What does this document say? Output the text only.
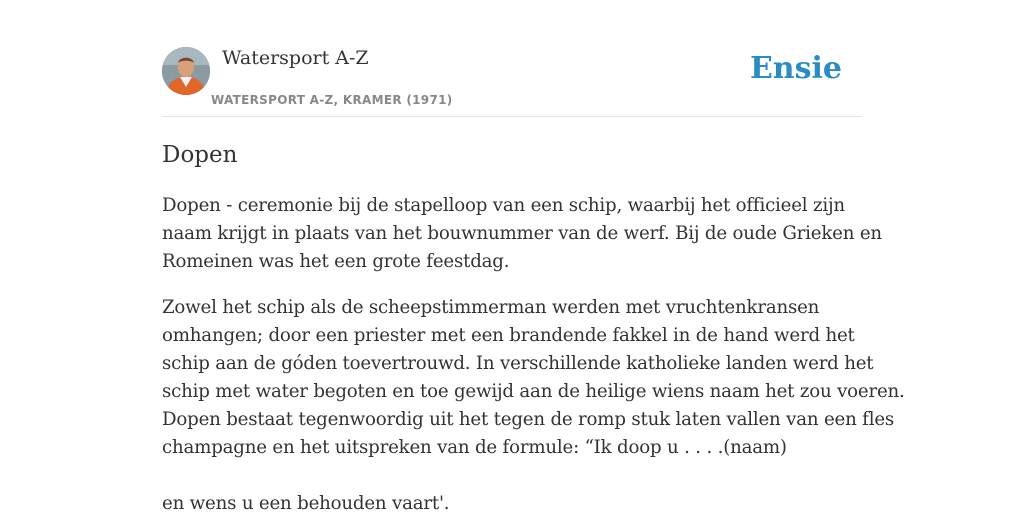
Watersport A-Z
WATERSPORT A-Z, KRAMER (1971)
Ensie
Dopen

Dopen - ceremonie bij de stapelloop van een schip, waarbij het officieel zijn
naam krijgt in plaats van het bouwnummer van de werf. Bij de oude Grieken en
Romeinen was het een grote feestdag.

Zowel het schip als de scheepstimmerman werden met vruchtenkransen
omhangen; door een priester met een brandende fakkel in de hand werd het
schip aan de góden toevertrouwd. In verschillende katholieke landen werd het
schip met water begoten en toe gewijd aan de heilige wiens naam het zou voeren.
Dopen bestaat tegenwoordig uit het tegen de romp stuk laten vallen van een fles
champagne en het uitspreken van de formule: “Ik doop u . . . .(naam)
en wens u een behouden vaart'.
